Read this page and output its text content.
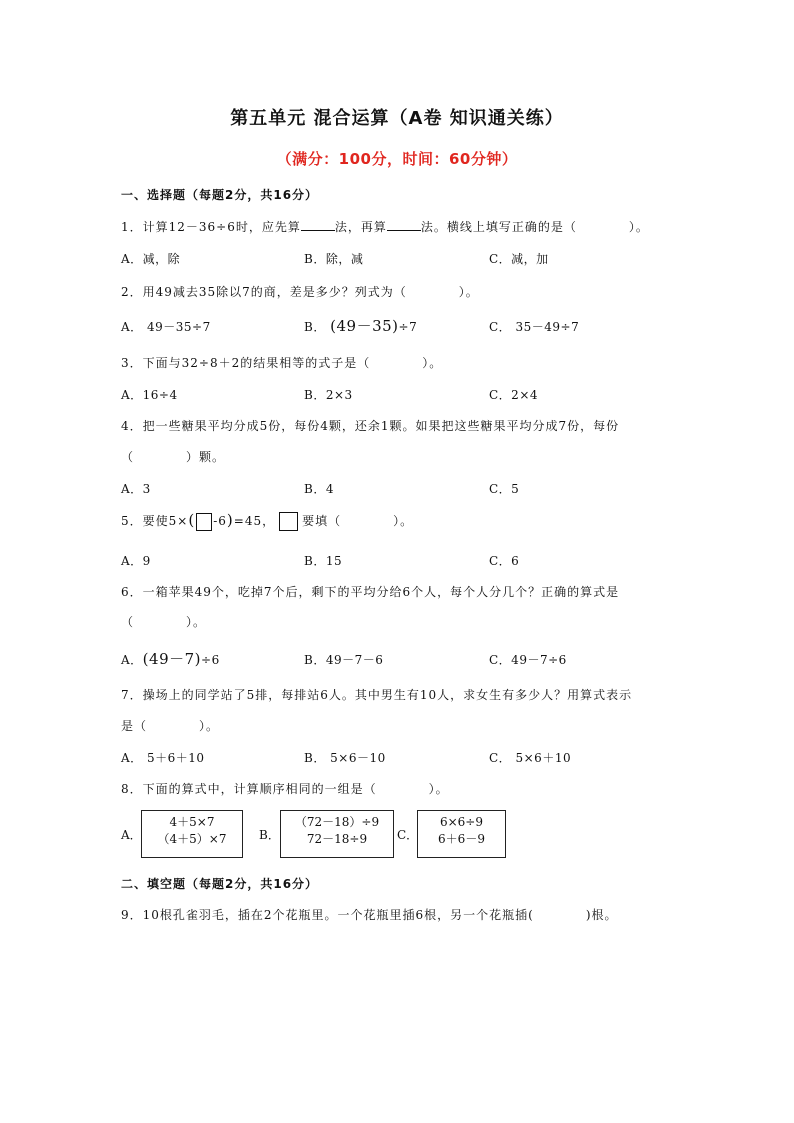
第五单元 混合运算（A卷 知识通关练）
（满分：100分，时间：60分钟）
一、选择题（每题2分，共16分）
1．计算12－36÷6时，应先算	法，再算	法。横线上填写正确的是（　　　　）。
A．减，除	B．除，减	C．减，加
2．用49减去35除以7的商，差是多少？列式为（　　　　）。
A． 49－35÷7	B． (49－35)÷7	C． 35－49÷7
3．下面与32÷8＋2的结果相等的式子是（　　　　）。
A．16÷4	B．2×3	C．2×4
4．把一些糖果平均分成5份，每份4颗，还余1颗。如果把这些糖果平均分成7份，每份
（　　　　）颗。
A．3	B．4	C．5
5．要使5×( -6)=45， 要填（　　　　）。
A．9	B．15	C．6
6．一箱苹果49个，吃掉7个后，剩下的平均分给6个人，每个人分几个？正确的算式是
（　　　　）。
A．(49－7)÷6	B．49－7－6	C．49－7÷6
7．操场上的同学站了5排，每排站6人。其中男生有10人，求女生有多少人？用算式表示
是（　　　　）。
A． 5＋6＋10	B． 5×6－10	C． 5×6＋10
8．下面的算式中，计算顺序相同的一组是（　　　　）。
A．
4＋5×7
（4＋5）×7	B．
（72－18）÷9
72－18÷9	C．
6×6÷9
6＋6－9
二、填空题（每题2分，共16分）
9．10根孔雀羽毛，插在2个花瓶里。一个花瓶里插6根，另一个花瓶插(　　　　)根。
